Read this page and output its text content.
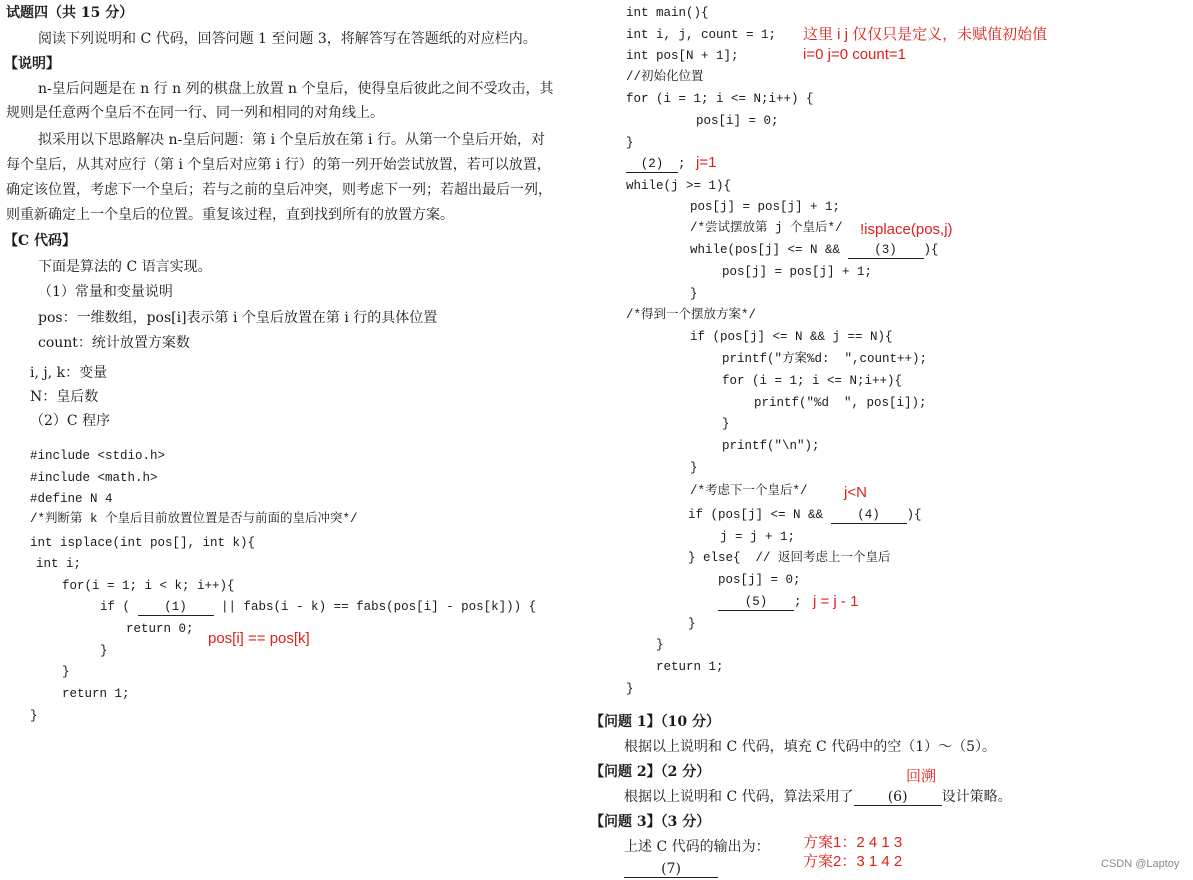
试题四（共 15 分）
阅读下列说明和 C 代码，回答问题 1 至问题 3，将解答写在答题纸的对应栏内。
【说明】
n-皇后问题是在 n 行 n 列的棋盘上放置 n 个皇后，使得皇后彼此之间不受攻击，其
规则是任意两个皇后不在同一行、同一列和相同的对角线上。
拟采用以下思路解决 n-皇后问题：第 i 个皇后放在第 i 行。从第一个皇后开始，对
每个皇后，从其对应行（第 i 个皇后对应第 i 行）的第一列开始尝试放置，若可以放置，
确定该位置，考虑下一个皇后；若与之前的皇后冲突，则考虑下一列；若超出最后一列，
则重新确定上一个皇后的位置。重复该过程，直到找到所有的放置方案。
【C 代码】
下面是算法的 C 语言实现。
（1）常量和变量说明
pos：一维数组，pos[i]表示第 i 个皇后放置在第 i 行的具体位置
count：统计放置方案数
i, j, k：变量
N：皇后数
（2）C 程序
#include <stdio.h>
#include <math.h>
#define N 4
/*判断第 k 个皇后目前放置位置是否与前面的皇后冲突*/
int isplace(int pos[], int k){
int i;
for(i = 1; i < k; i++){
if (	(1)	|| fabs(i - k) == fabs(pos[i] - pos[k])) {
return 0;
}
}
return 1;
}
pos[i] == pos[k]
int main(){
int i, j, count = 1;
int pos[N + 1];
//初始化位置
for (i = 1; i <= N;i++) {
pos[i] = 0;
}
(2) ;
while(j >= 1){
pos[j] = pos[j] + 1;
/*尝试摆放第 j 个皇后*/
while(pos[j] <= N &&	(3) ){
pos[j] = pos[j] + 1;
}
/*得到一个摆放方案*/
if (pos[j] <= N && j == N){
printf("方案%d:  ",count++);
for (i = 1; i <= N;i++){
printf("%d  ", pos[i]);
}
printf("\n");
}
/*考虑下一个皇后*/
if (pos[j] <= N &&	(4) ){
j = j + 1;
} else{  // 返回考虑上一个皇后
pos[j] = 0;
(5) ;
}
}
return 1;
}
这里 i j 仅仅只是定义，未赋值初始值
i=0 j=0 count=1
j=1
!isplace(pos,j)
j<N
j = j - 1
【问题 1】（10 分）
根据以上说明和 C 代码，填充 C 代码中的空（1）～（5）。
【问题 2】（2 分）
根据以上说明和 C 代码，算法采用了 (6) 设计策略。
【问题 3】（3 分）
上述 C 代码的输出为：
(7)
回溯
方案1：2 4 1 3
方案2：3 1 4 2	CSDN @Laptoy
